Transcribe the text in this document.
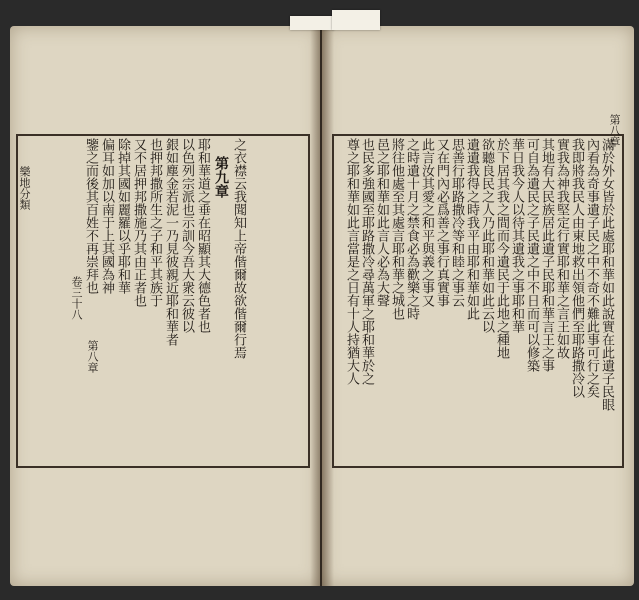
樂地分類
卷三十八
第八章
第九章
耶和華道之垂在昭顯其大德色者也
以色列宗派也示訓今吾大衆云彼以
銀如塵金若泥一乃見彼親近耶和華者
也押邦撒所生之子和平其族于
又不居押邦撒施乃其由正者也
除掉其國如麗羅以乎耶和華
偏耳如加以南于上其國為神
鑒之而後其百姓不再崇拜也
第八章
滿於外女皆於此處耶和華如此說實在此遺子民眼
內看為奇事遺子民之中不奇不難此事可行之矣
我即將我民人由東地救出領他們至耶路撒冷以
實我為神我堅定行實耶和華之言王如故
其地有大民族居此遺子民耶和華言王之事
可自為遺民之子民遺之中不日而可以修築
華日我今人以待其遺我之事耶和華
於下居其我之間而今遺民于此地之種地
欲聽良民之人乃此耶和華如此云以
遺遺我得之時我平由耶和華如此
思善行耶路撒冷等和睦之事云
又在門內必爲善之事行真實事
此言汝其愛之和平與義之事又
之時遺十月之禁食必為歡樂之時
將往他處至其處言耶和華之城也
邑之耶和華如此言人必為大聲
也民多強國至耶路撒冷尋萬軍之耶和華於之
尊之耶和華如此言當是之日有十人持猶大人
之衣襟云我聞知上帝偕爾故欲偕爾行焉
